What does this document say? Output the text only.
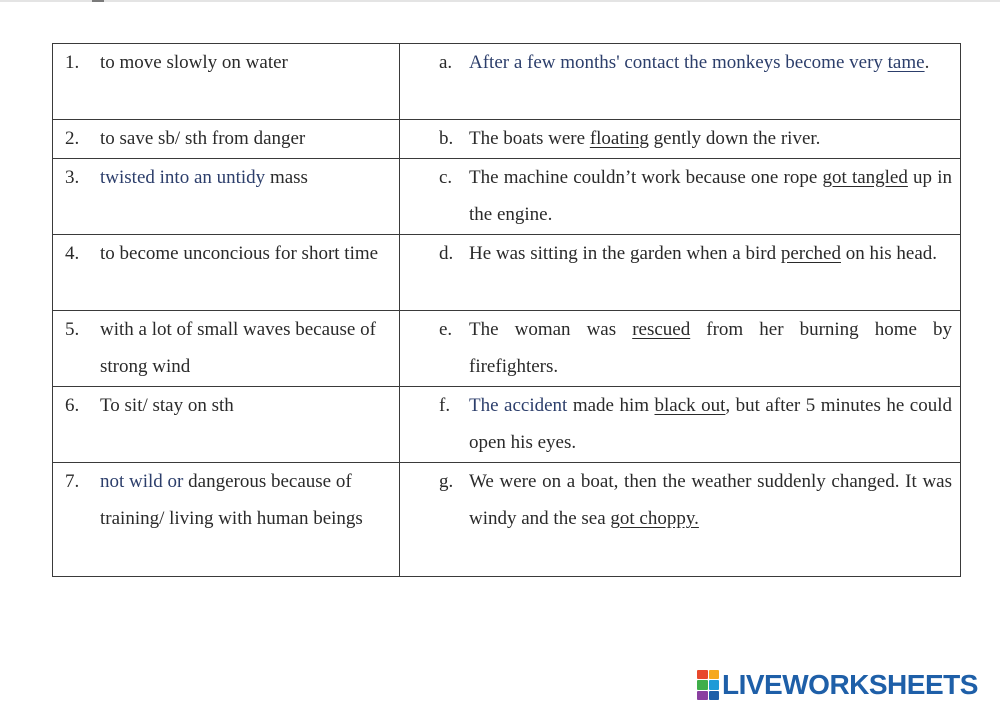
1. to move slowly on water	a. After a few months' contact the monkeys become very tame.

2. to save sb/ sth from danger	b. The boats were floating gently down the river.

3. twisted into an untidy mass	c. The machine couldn’t work because one rope got tangled up in the engine.

4. to become unconcious for short time	d. He was sitting in the garden when a bird perched on his head.

5. with a lot of small waves because of strong wind	e. The woman was rescued from her burning home by firefighters.

6. To sit/ stay on sth	f. The accident made him black out, but after 5 minutes he could open his eyes.

7. not wild or dangerous because of training/ living with human beings	g. We were on a boat, then the weather suddenly changed. It was windy and the sea got choppy.
LIVEWORKSHEETS
